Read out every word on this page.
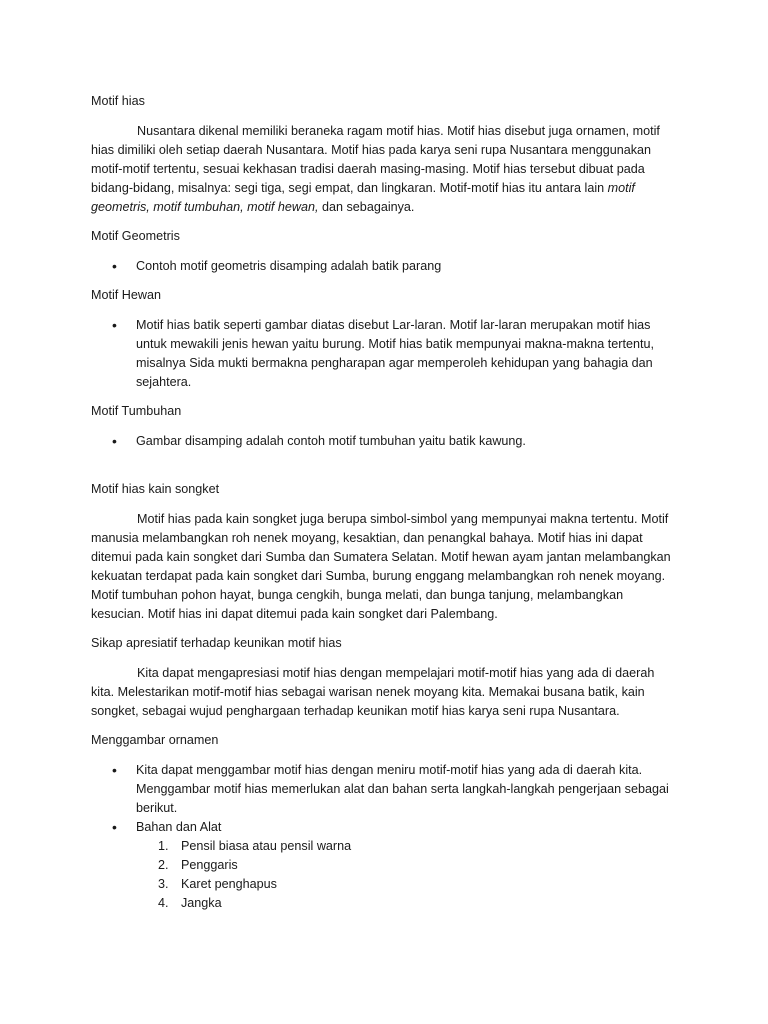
Motif hias

Nusantara dikenal memiliki beraneka ragam motif hias. Motif hias disebut juga ornamen, motif hias dimiliki oleh setiap daerah Nusantara. Motif hias pada karya seni rupa Nusantara menggunakan motif-motif tertentu, sesuai kekhasan tradisi daerah masing-masing. Motif hias tersebut dibuat pada bidang-bidang, misalnya: segi tiga, segi empat, dan lingkaran. Motif-motif hias itu antara lain motif geometris, motif tumbuhan, motif hewan, dan sebagainya.

Motif Geometris
• Contoh motif geometris disamping adalah batik parang
Motif Hewan
• Motif hias batik seperti gambar diatas disebut Lar-laran. Motif lar-laran merupakan motif hias untuk mewakili jenis hewan yaitu burung. Motif hias batik mempunyai makna-makna tertentu, misalnya Sida mukti bermakna pengharapan agar memperoleh kehidupan yang bahagia dan sejahtera.
Motif Tumbuhan
• Gambar disamping adalah contoh motif tumbuhan yaitu batik kawung.
Motif hias kain songket

Motif hias pada kain songket juga berupa simbol-simbol yang mempunyai makna tertentu. Motif manusia melambangkan roh nenek moyang, kesaktian, dan penangkal bahaya. Motif hias ini dapat ditemui pada kain songket dari Sumba dan Sumatera Selatan. Motif hewan ayam jantan melambangkan kekuatan terdapat pada kain songket dari Sumba, burung enggang melambangkan roh nenek moyang. Motif tumbuhan pohon hayat, bunga cengkih, bunga melati, dan bunga tanjung, melambangkan kesucian. Motif hias ini dapat ditemui pada kain songket dari Palembang.

Sikap apresiatif terhadap keunikan motif hias

Kita dapat mengapresiasi motif hias dengan mempelajari motif-motif hias yang ada di daerah kita. Melestarikan motif-motif hias sebagai warisan nenek moyang kita. Memakai busana batik, kain songket, sebagai wujud penghargaan terhadap keunikan motif hias karya seni rupa Nusantara.

Menggambar ornamen
• Kita dapat menggambar motif hias dengan meniru motif-motif hias yang ada di daerah kita. Menggambar motif hias memerlukan alat dan bahan serta langkah-langkah pengerjaan sebagai berikut.
• Bahan dan Alat
1. Pensil biasa atau pensil warna
2. Penggaris
3. Karet penghapus
4. Jangka
